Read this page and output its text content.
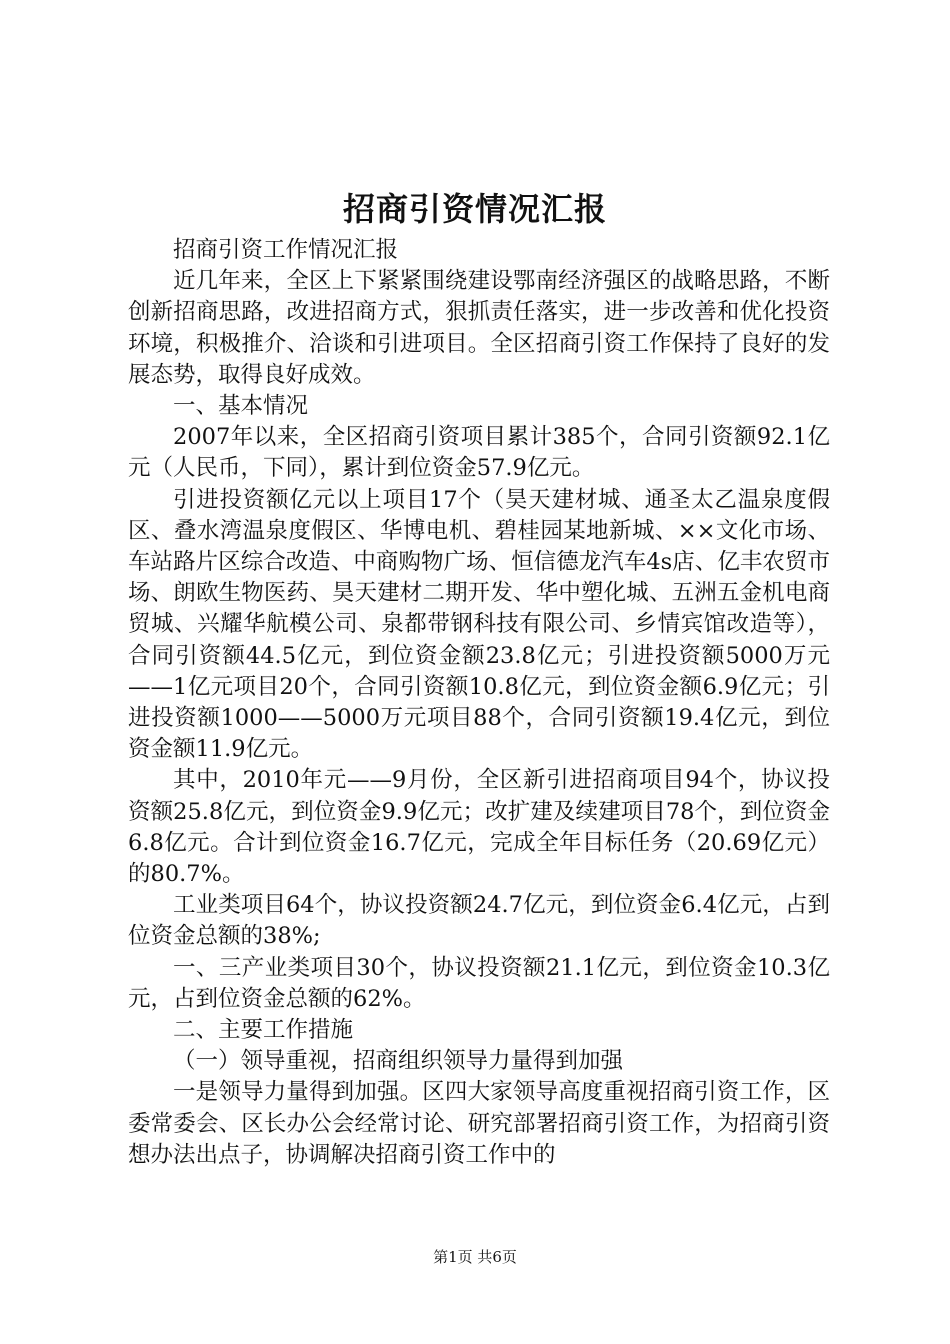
招商引资情况汇报

招商引资工作情况汇报

近几年来，全区上下紧紧围绕建设鄂南经济强区的战略思路，不断创新招商思路，改进招商方式，狠抓责任落实，进一步改善和优化投资环境，积极推介、洽谈和引进项目。全区招商引资工作保持了良好的发展态势，取得良好成效。

一、基本情况

2007年以来，全区招商引资项目累计385个，合同引资额92.1亿元（人民币，下同），累计到位资金57.9亿元。

引进投资额亿元以上项目17个（昊天建材城、通圣太乙温泉度假区、叠水湾温泉度假区、华博电机、碧桂园某地新城、××文化市场、车站路片区综合改造、中商购物广场、恒信德龙汽车4s店、亿丰农贸市场、朗欧生物医药、昊天建材二期开发、华中塑化城、五洲五金机电商贸城、兴耀华航模公司、泉都带钢科技有限公司、乡情宾馆改造等），合同引资额44.5亿元，到位资金额23.8亿元；引进投资额5000万元——1亿元项目20个，合同引资额10.8亿元，到位资金额6.9亿元；引进投资额1000——5000万元项目88个，合同引资额19.4亿元，到位资金额11.9亿元。

其中，2010年元——9月份，全区新引进招商项目94个，协议投资额25.8亿元，到位资金9.9亿元；改扩建及续建项目78个，到位资金6.8亿元。合计到位资金16.7亿元，完成全年目标任务（20.69亿元）的80.7%。

工业类项目64个，协议投资额24.7亿元，到位资金6.4亿元，占到位资金总额的38%;

一、三产业类项目30个，协议投资额21.1亿元，到位资金10.3亿元，占到位资金总额的62%。

二、主要工作措施

（一）领导重视，招商组织领导力量得到加强

一是领导力量得到加强。区四大家领导高度重视招商引资工作，区委常委会、区长办公会经常讨论、研究部署招商引资工作，为招商引资想办法出点子，协调解决招商引资工作中的

第1页 共6页
